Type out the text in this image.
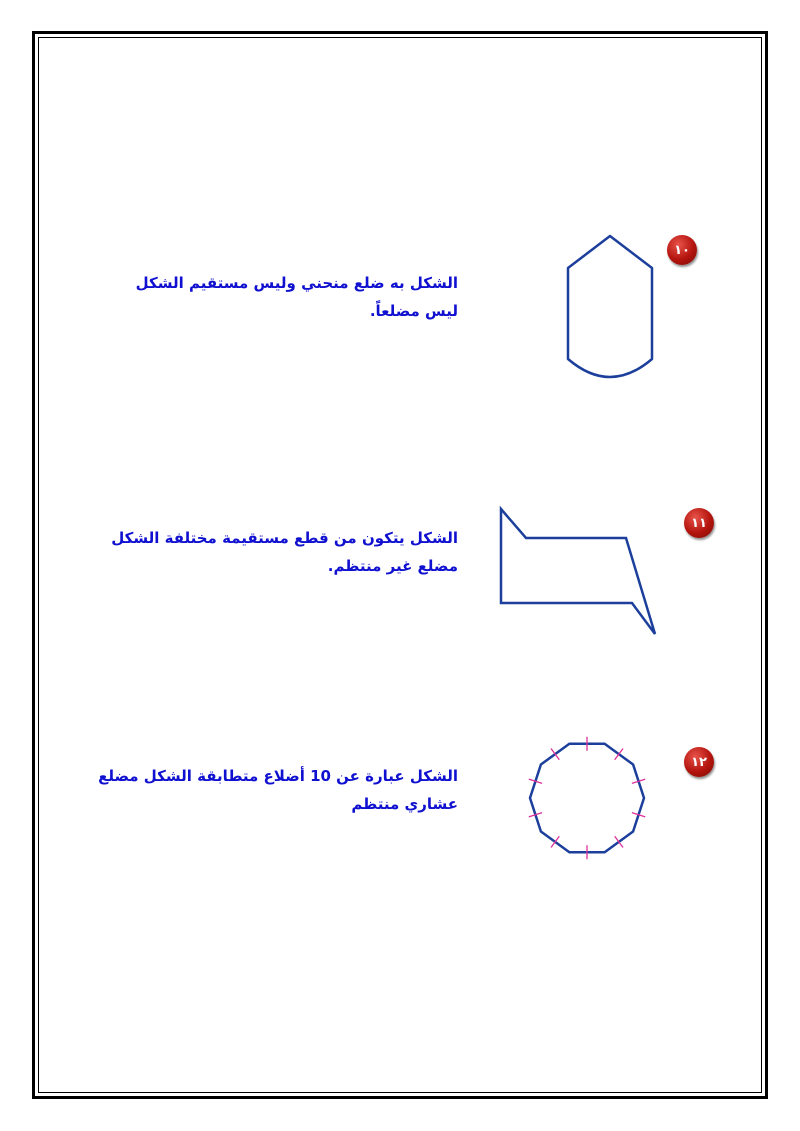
١٠
الشكل به ضلع منحني وليس مستقيم الشكل ليس مضلعاً.
١١
الشكل يتكون من قطع مستقيمة مختلفة الشكل مضلع غير منتظم.
١٢
الشكل عبارة عن 10 أضلاع متطابقة الشكل مضلع عشاري منتظم
